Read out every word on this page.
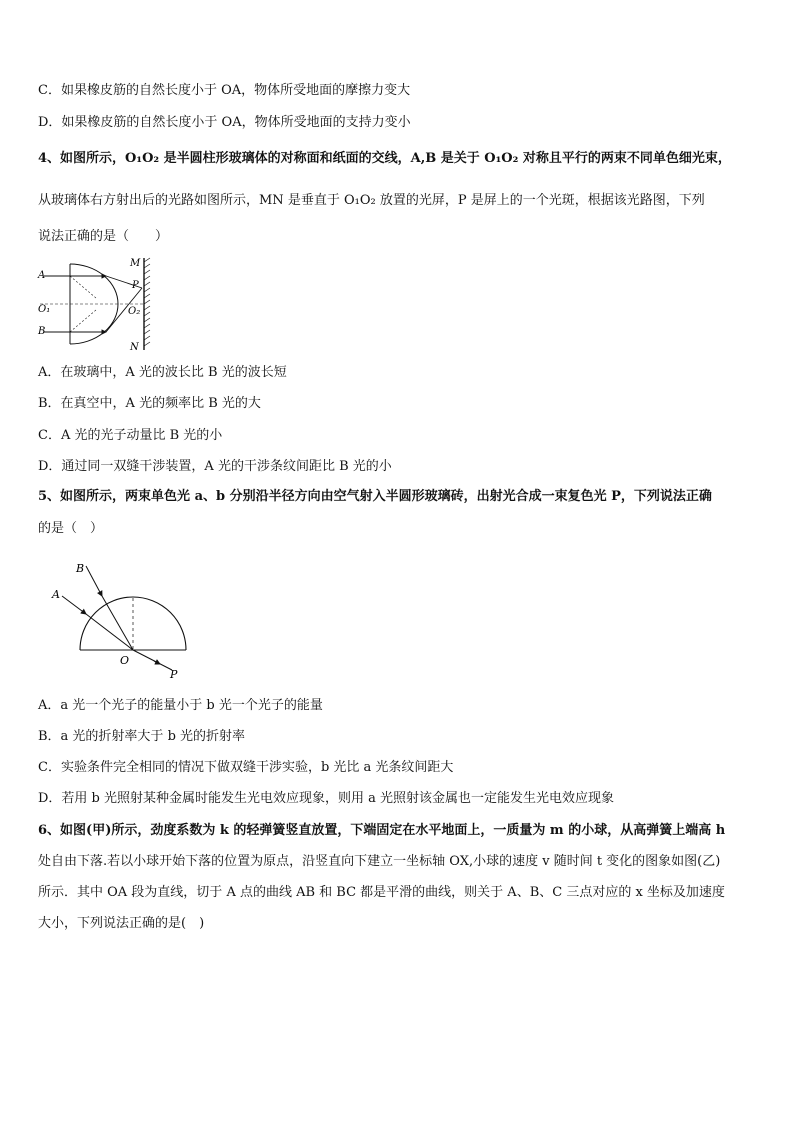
C．如果橡皮筋的自然长度小于 OA，物体所受地面的摩擦力变大
D．如果橡皮筋的自然长度小于 OA，物体所受地面的支持力变小
4、如图所示，O₁O₂ 是半圆柱形玻璃体的对称面和纸面的交线，A,B 是关于 O₁O₂ 对称且平行的两束不同单色细光束，
从玻璃体右方射出后的光路如图所示，MN 是垂直于 O₁O₂ 放置的光屏，P 是屏上的一个光斑，根据该光路图，下列
说法正确的是（　　）
A
B
O₁	O₂
M
N
P
A．在玻璃中，A 光的波长比 B 光的波长短
B．在真空中，A 光的频率比 B 光的大
C．A 光的光子动量比 B 光的小
D．通过同一双缝干涉装置，A 光的干涉条纹间距比 B 光的小
5、如图所示，两束单色光 a、b 分别沿半径方向由空气射入半圆形玻璃砖，出射光合成一束复色光 P，下列说法正确
的是（　）
B
A
O
P
A．a 光一个光子的能量小于 b 光一个光子的能量
B．a 光的折射率大于 b 光的折射率
C．实验条件完全相同的情况下做双缝干涉实验，b 光比 a 光条纹间距大
D．若用 b 光照射某种金属时能发生光电效应现象，则用 a 光照射该金属也一定能发生光电效应现象
6、如图(甲)所示，劲度系数为 k 的轻弹簧竖直放置，下端固定在水平地面上，一质量为 m 的小球，从高弹簧上端高 h
处自由下落.若以小球开始下落的位置为原点，沿竖直向下建立一坐标轴 OX,小球的速度 v 随时间 t 变化的图象如图(乙)
所示．其中 OA 段为直线，切于 A 点的曲线 AB 和 BC 都是平滑的曲线，则关于 A、B、C 三点对应的 x 坐标及加速度
大小，下列说法正确的是(　)
